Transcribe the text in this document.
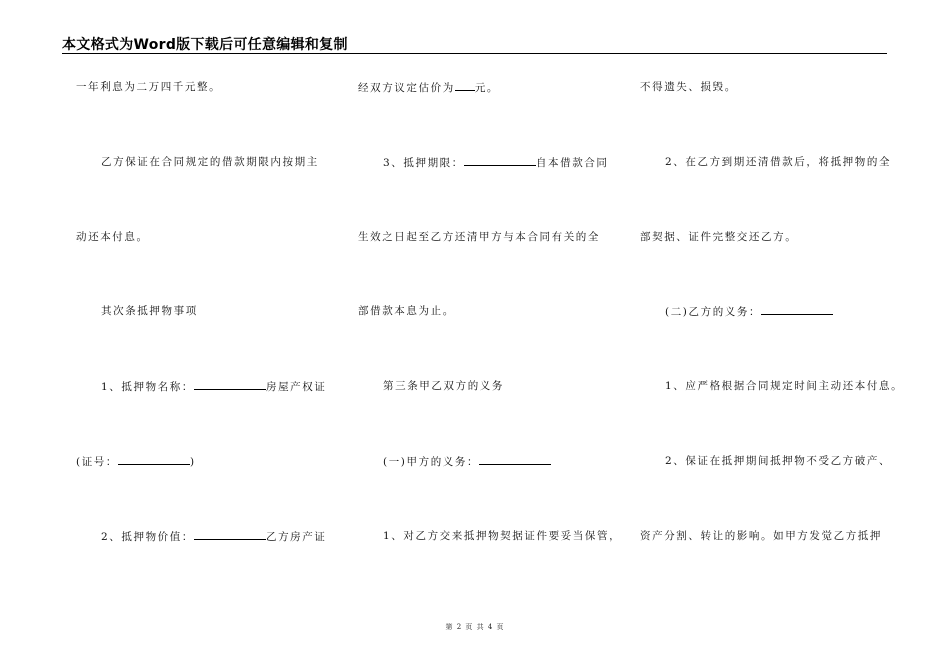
本文格式为Word版下载后可任意编辑和复制
一年利息为二万四千元整。
乙方保证在合同规定的借款期限内按期主
动还本付息。
其次条抵押物事项
1、抵押物名称：	房屋产权证
(证号：	)
2、抵押物价值：	乙方房产证
经双方议定估价为 元。
3、抵押期限：	自本借款合同
生效之日起至乙方还清甲方与本合同有关的全
部借款本息为止。
第三条甲乙双方的义务
(一)甲方的义务：
1、对乙方交来抵押物契据证件要妥当保管，
不得遗失、损毁。
2、在乙方到期还清借款后，将抵押物的全
部契据、证件完整交还乙方。
(二)乙方的义务：
1、应严格根据合同规定时间主动还本付息。
2、保证在抵押期间抵押物不受乙方破产、
资产分割、转让的影响。如甲方发觉乙方抵押
第 2 页 共 4 页
